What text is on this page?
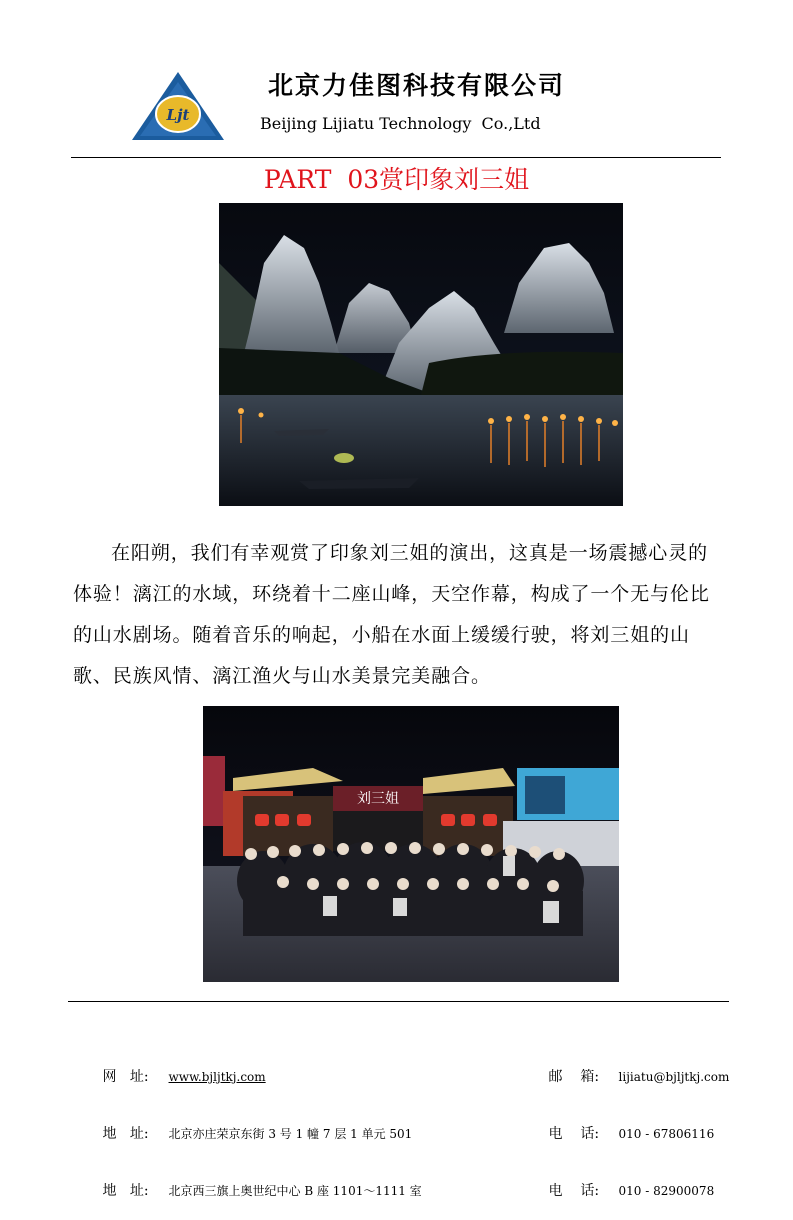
Ljt
北京力佳图科技有限公司
Beijing Lijiatu Technology  Co.,Ltd
PART  03赏印象刘三姐
在阳朔，我们有幸观赏了印象刘三姐的演出，这真是一场震撼心灵的体验！漓江的水域，环绕着十二座山峰，天空作幕，构成了一个无与伦比的山水剧场。随着音乐的响起，小船在水面上缓缓行驶，将刘三姐的山歌、民族风情、漓江渔火与山水美景完美融合。
刘三姐

网   址: www.bjljtkj.com

地   址: 北京亦庄荣京东街 3 号 1 幢 7 层 1 单元 501

地   址: 北京西三旗上奥世纪中心 B 座 1101～1111 室

邮    箱: lijiatu@bjljtkj.com

电    话: 010 - 67806116

电    话: 010 - 82900078
